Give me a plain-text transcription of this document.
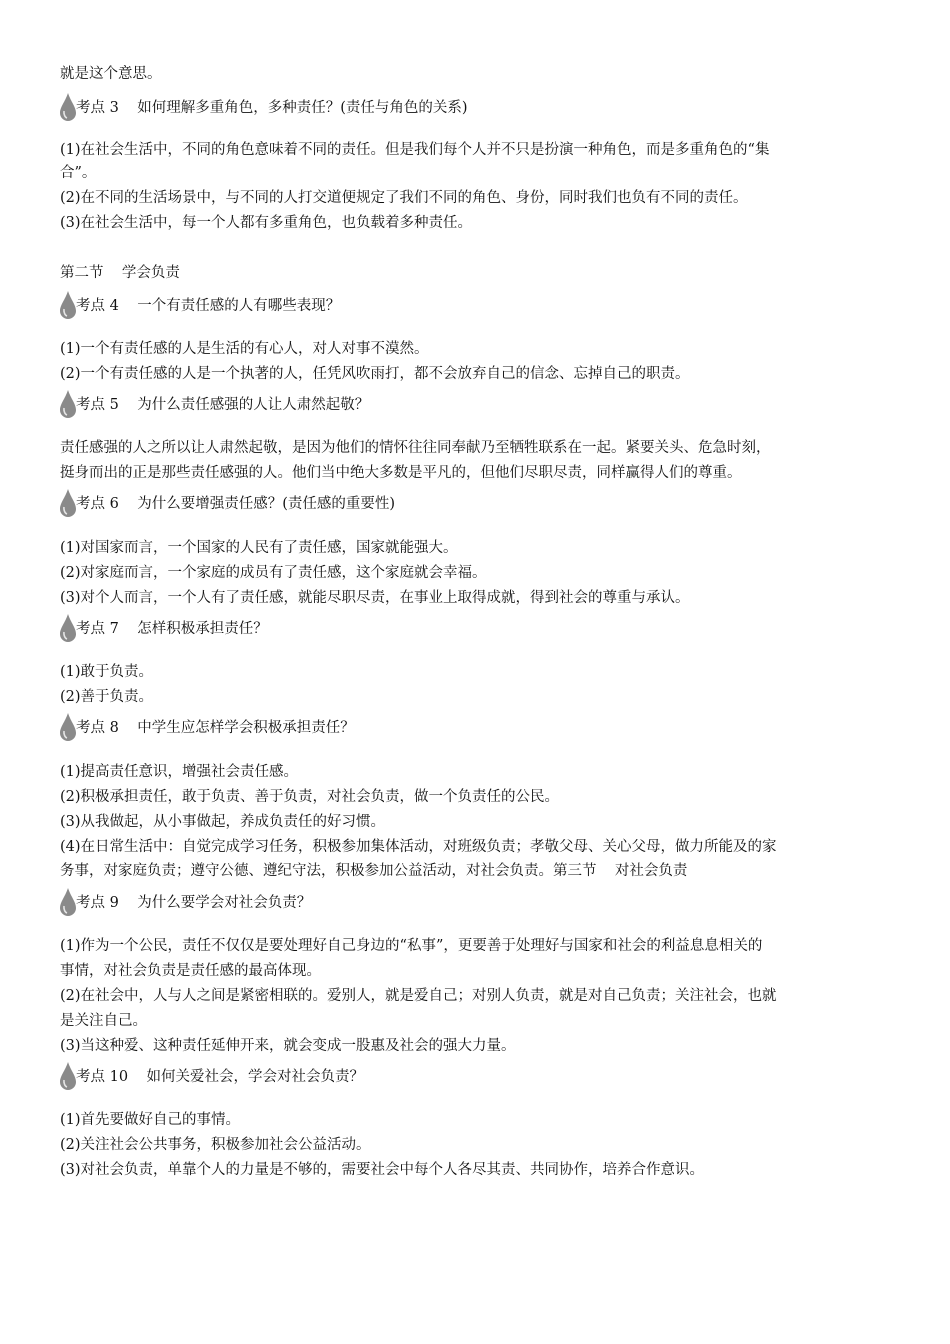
就是这个意思。
考点 3    如何理解多重角色，多种责任？(责任与角色的关系)
(1)在社会生活中，不同的角色意味着不同的责任。但是我们每个人并不只是扮演一种角色，而是多重角色的“集
合”。
(2)在不同的生活场景中，与不同的人打交道便规定了我们不同的角色、身份，同时我们也负有不同的责任。
(3)在社会生活中，每一个人都有多重角色，也负载着多种责任。
第二节    学会负责
考点 4    一个有责任感的人有哪些表现？
(1)一个有责任感的人是生活的有心人，对人对事不漠然。
(2)一个有责任感的人是一个执著的人，任凭风吹雨打，都不会放弃自己的信念、忘掉自己的职责。
考点 5    为什么责任感强的人让人肃然起敬？
责任感强的人之所以让人肃然起敬，是因为他们的情怀往往同奉献乃至牺牲联系在一起。紧要关头、危急时刻，
挺身而出的正是那些责任感强的人。他们当中绝大多数是平凡的，但他们尽职尽责，同样赢得人们的尊重。
考点 6    为什么要增强责任感？(责任感的重要性)
(1)对国家而言，一个国家的人民有了责任感，国家就能强大。
(2)对家庭而言，一个家庭的成员有了责任感，这个家庭就会幸福。
(3)对个人而言，一个人有了责任感，就能尽职尽责，在事业上取得成就，得到社会的尊重与承认。
考点 7    怎样积极承担责任？
(1)敢于负责。
(2)善于负责。
考点 8    中学生应怎样学会积极承担责任？
(1)提高责任意识，增强社会责任感。
(2)积极承担责任，敢于负责、善于负责，对社会负责，做一个负责任的公民。
(3)从我做起，从小事做起，养成负责任的好习惯。
(4)在日常生活中：自觉完成学习任务，积极参加集体活动，对班级负责；孝敬父母、关心父母，做力所能及的家
务事，对家庭负责；遵守公德、遵纪守法，积极参加公益活动，对社会负责。第三节    对社会负责
考点 9    为什么要学会对社会负责？
(1)作为一个公民，责任不仅仅是要处理好自己身边的“私事”，更要善于处理好与国家和社会的利益息息相关的
事情，对社会负责是责任感的最高体现。
(2)在社会中，人与人之间是紧密相联的。爱别人，就是爱自己；对别人负责，就是对自己负责；关注社会，也就
是关注自己。
(3)当这种爱、这种责任延伸开来，就会变成一股惠及社会的强大力量。
考点 10    如何关爱社会，学会对社会负责？
(1)首先要做好自己的事情。
(2)关注社会公共事务，积极参加社会公益活动。
(3)对社会负责，单靠个人的力量是不够的，需要社会中每个人各尽其责、共同协作，培养合作意识。
